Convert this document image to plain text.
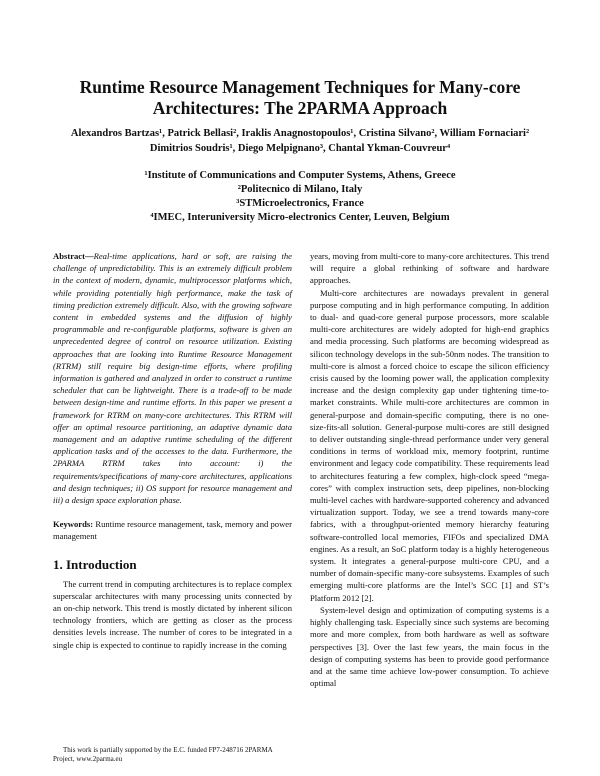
Runtime Resource Management Techniques for Many-core
Architectures: The 2PARMA Approach
Alexandros Bartzas¹, Patrick Bellasi², Iraklis Anagnostopoulos¹, Cristina Silvano², William Fornaciari²
Dimitrios Soudris¹, Diego Melpignano³, Chantal Ykman-Couvreur⁴
¹Institute of Communications and Computer Systems, Athens, Greece
²Politecnico di Milano, Italy
³STMicroelectronics, France
⁴IMEC, Interuniversity Micro-electronics Center, Leuven, Belgium

Abstract—Real-time applications, hard or soft, are raising the challenge of unpredictability. This is an extremely difficult problem in the context of modern, dynamic, multiprocessor platforms which, while providing potentially high performance, make the task of timing prediction extremely difficult. Also, with the growing software content in embedded systems and the diffusion of highly programmable and re-configurable platforms, software is given an unprecedented degree of control on resource utilization. Existing approaches that are looking into Runtime Resource Management (RTRM) still require big design-time efforts, where profiling information is gathered and analyzed in order to construct a runtime scheduler that can be lightweight. There is a trade-off to be made between design-time and runtime efforts. In this paper we present a framework for RTRM on many-core architectures. This RTRM will offer an optimal resource partitioning, an adaptive dynamic data management and an adaptive runtime scheduling of the different application tasks and of the accesses to the data. Furthermore, the 2PARMA RTRM takes into account: i) the requirements/specifications of many-core architectures, applications and design techniques; ii) OS support for resource management and iii) a design space exploration phase.

Keywords: Runtime resource management, task, memory and power management

1. Introduction

The current trend in computing architectures is to replace complex superscalar architectures with many processing units connected by an on-chip network. This trend is mostly dictated by inherent silicon technology frontiers, which are getting as closer as the process densities levels increase. The number of cores to be integrated in a single chip is expected to continue to rapidly increase in the coming

years, moving from multi-core to many-core architectures. This trend will require a global rethinking of software and hardware approaches.

Multi-core architectures are nowadays prevalent in general purpose computing and in high performance computing. In addition to dual- and quad-core general purpose processors, more scalable multi-core architectures are widely adopted for high-end graphics and media processing. Such platforms are becoming widespread as silicon technology develops in the sub-50nm nodes. The transition to multi-core is almost a forced choice to escape the silicon efficiency crisis caused by the looming power wall, the application complexity increase and the design complexity gap under tightening time-to-market constraints. While multi-core architectures are common in general-purpose and domain-specific computing, there is no one-size-fits-all solution. General-purpose multi-cores are still designed to deliver outstanding single-thread performance under very general conditions in terms of workload mix, memory footprint, runtime environment and legacy code compatibility. These requirements lead to architectures featuring a few complex, high-clock speed “mega-cores” with complex instruction sets, deep pipelines, non-blocking multi-level caches with hardware-supported coherency and advanced virtualization support. Today, we see a trend towards many-core fabrics, with a throughput-oriented memory hierarchy featuring software-controlled local memories, FIFOs and specialized DMA engines. As a result, an SoC platform today is a highly heterogeneous system. It integrates a general-purpose multi-core CPU, and a number of domain-specific many-core subsystems. Examples of such emerging multi-core platforms are the Intel’s SCC [1] and ST’s Platform 2012 [2].

System-level design and optimization of computing systems is a highly challenging task. Especially since such systems are becoming more and more complex, from both hardware as well as software perspectives [3]. Over the last few years, the main focus in the design of computing systems has been to provide good performance and at the same time achieve low-power consumption. To achieve optimal

This work is partially supported by the E.C. funded FP7-248716 2PARMA Project, www.2parma.eu
